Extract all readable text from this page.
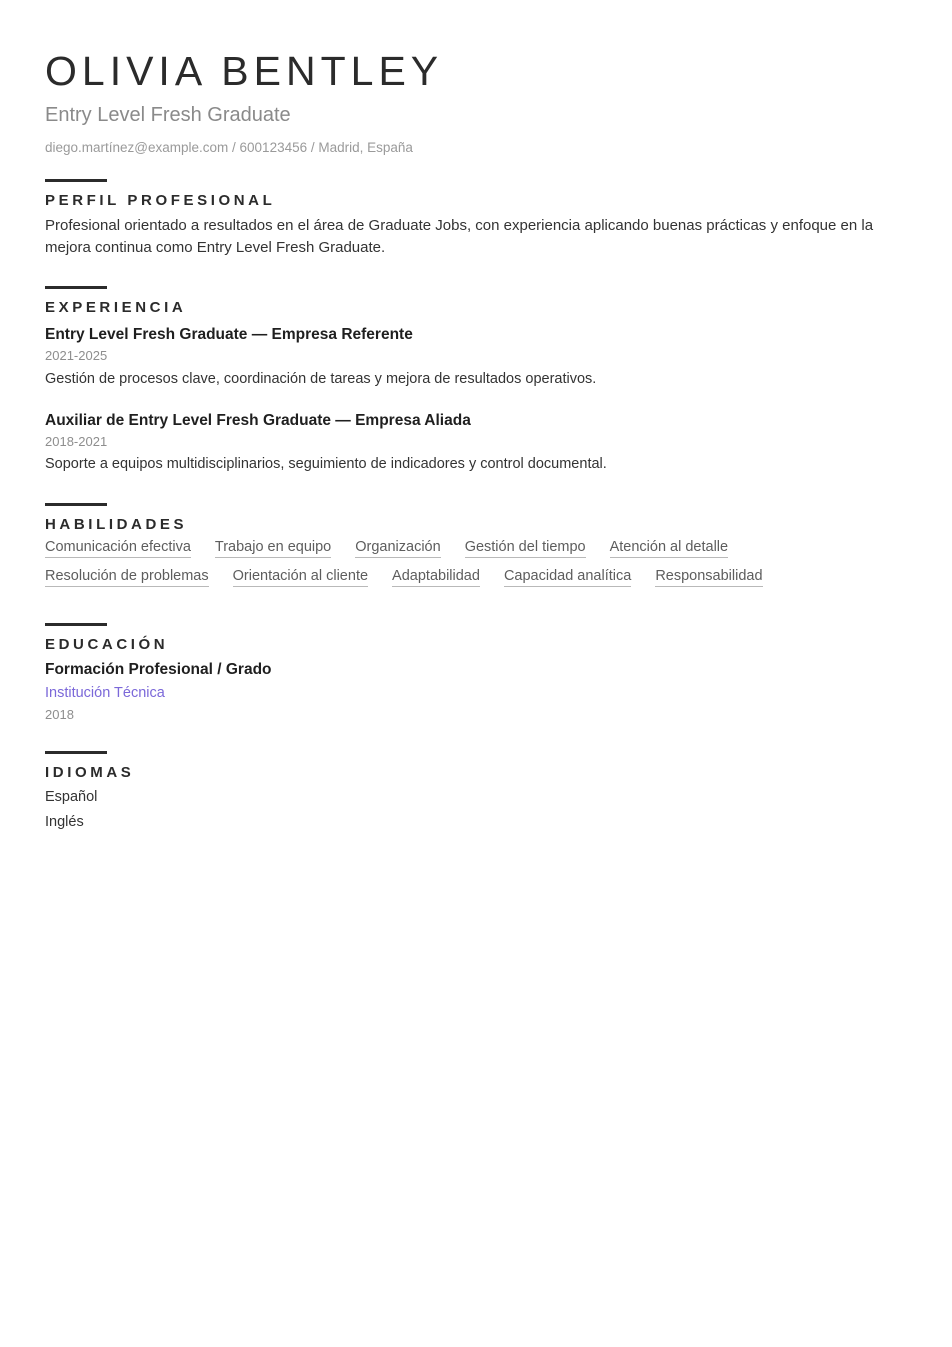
OLIVIA BENTLEY
Entry Level Fresh Graduate
diego.martínez@example.com / 600123456 / Madrid, España
PERFIL PROFESIONAL

Profesional orientado a resultados en el área de Graduate Jobs, con experiencia aplicando buenas prácticas y enfoque en la mejora continua como Entry Level Fresh Graduate.

EXPERIENCIA
Entry Level Fresh Graduate — Empresa Referente
2021-2025
Gestión de procesos clave, coordinación de tareas y mejora de resultados operativos.
Auxiliar de Entry Level Fresh Graduate — Empresa Aliada
2018-2021
Soporte a equipos multidisciplinarios, seguimiento de indicadores y control documental.
HABILIDADES
Comunicación efectiva Trabajo en equipo Organización Gestión del tiempo Atención al detalle
Resolución de problemas Orientación al cliente Adaptabilidad Capacidad analítica Responsabilidad
EDUCACIÓN
Formación Profesional / Grado
Institución Técnica
2018
IDIOMAS
Español
Inglés
